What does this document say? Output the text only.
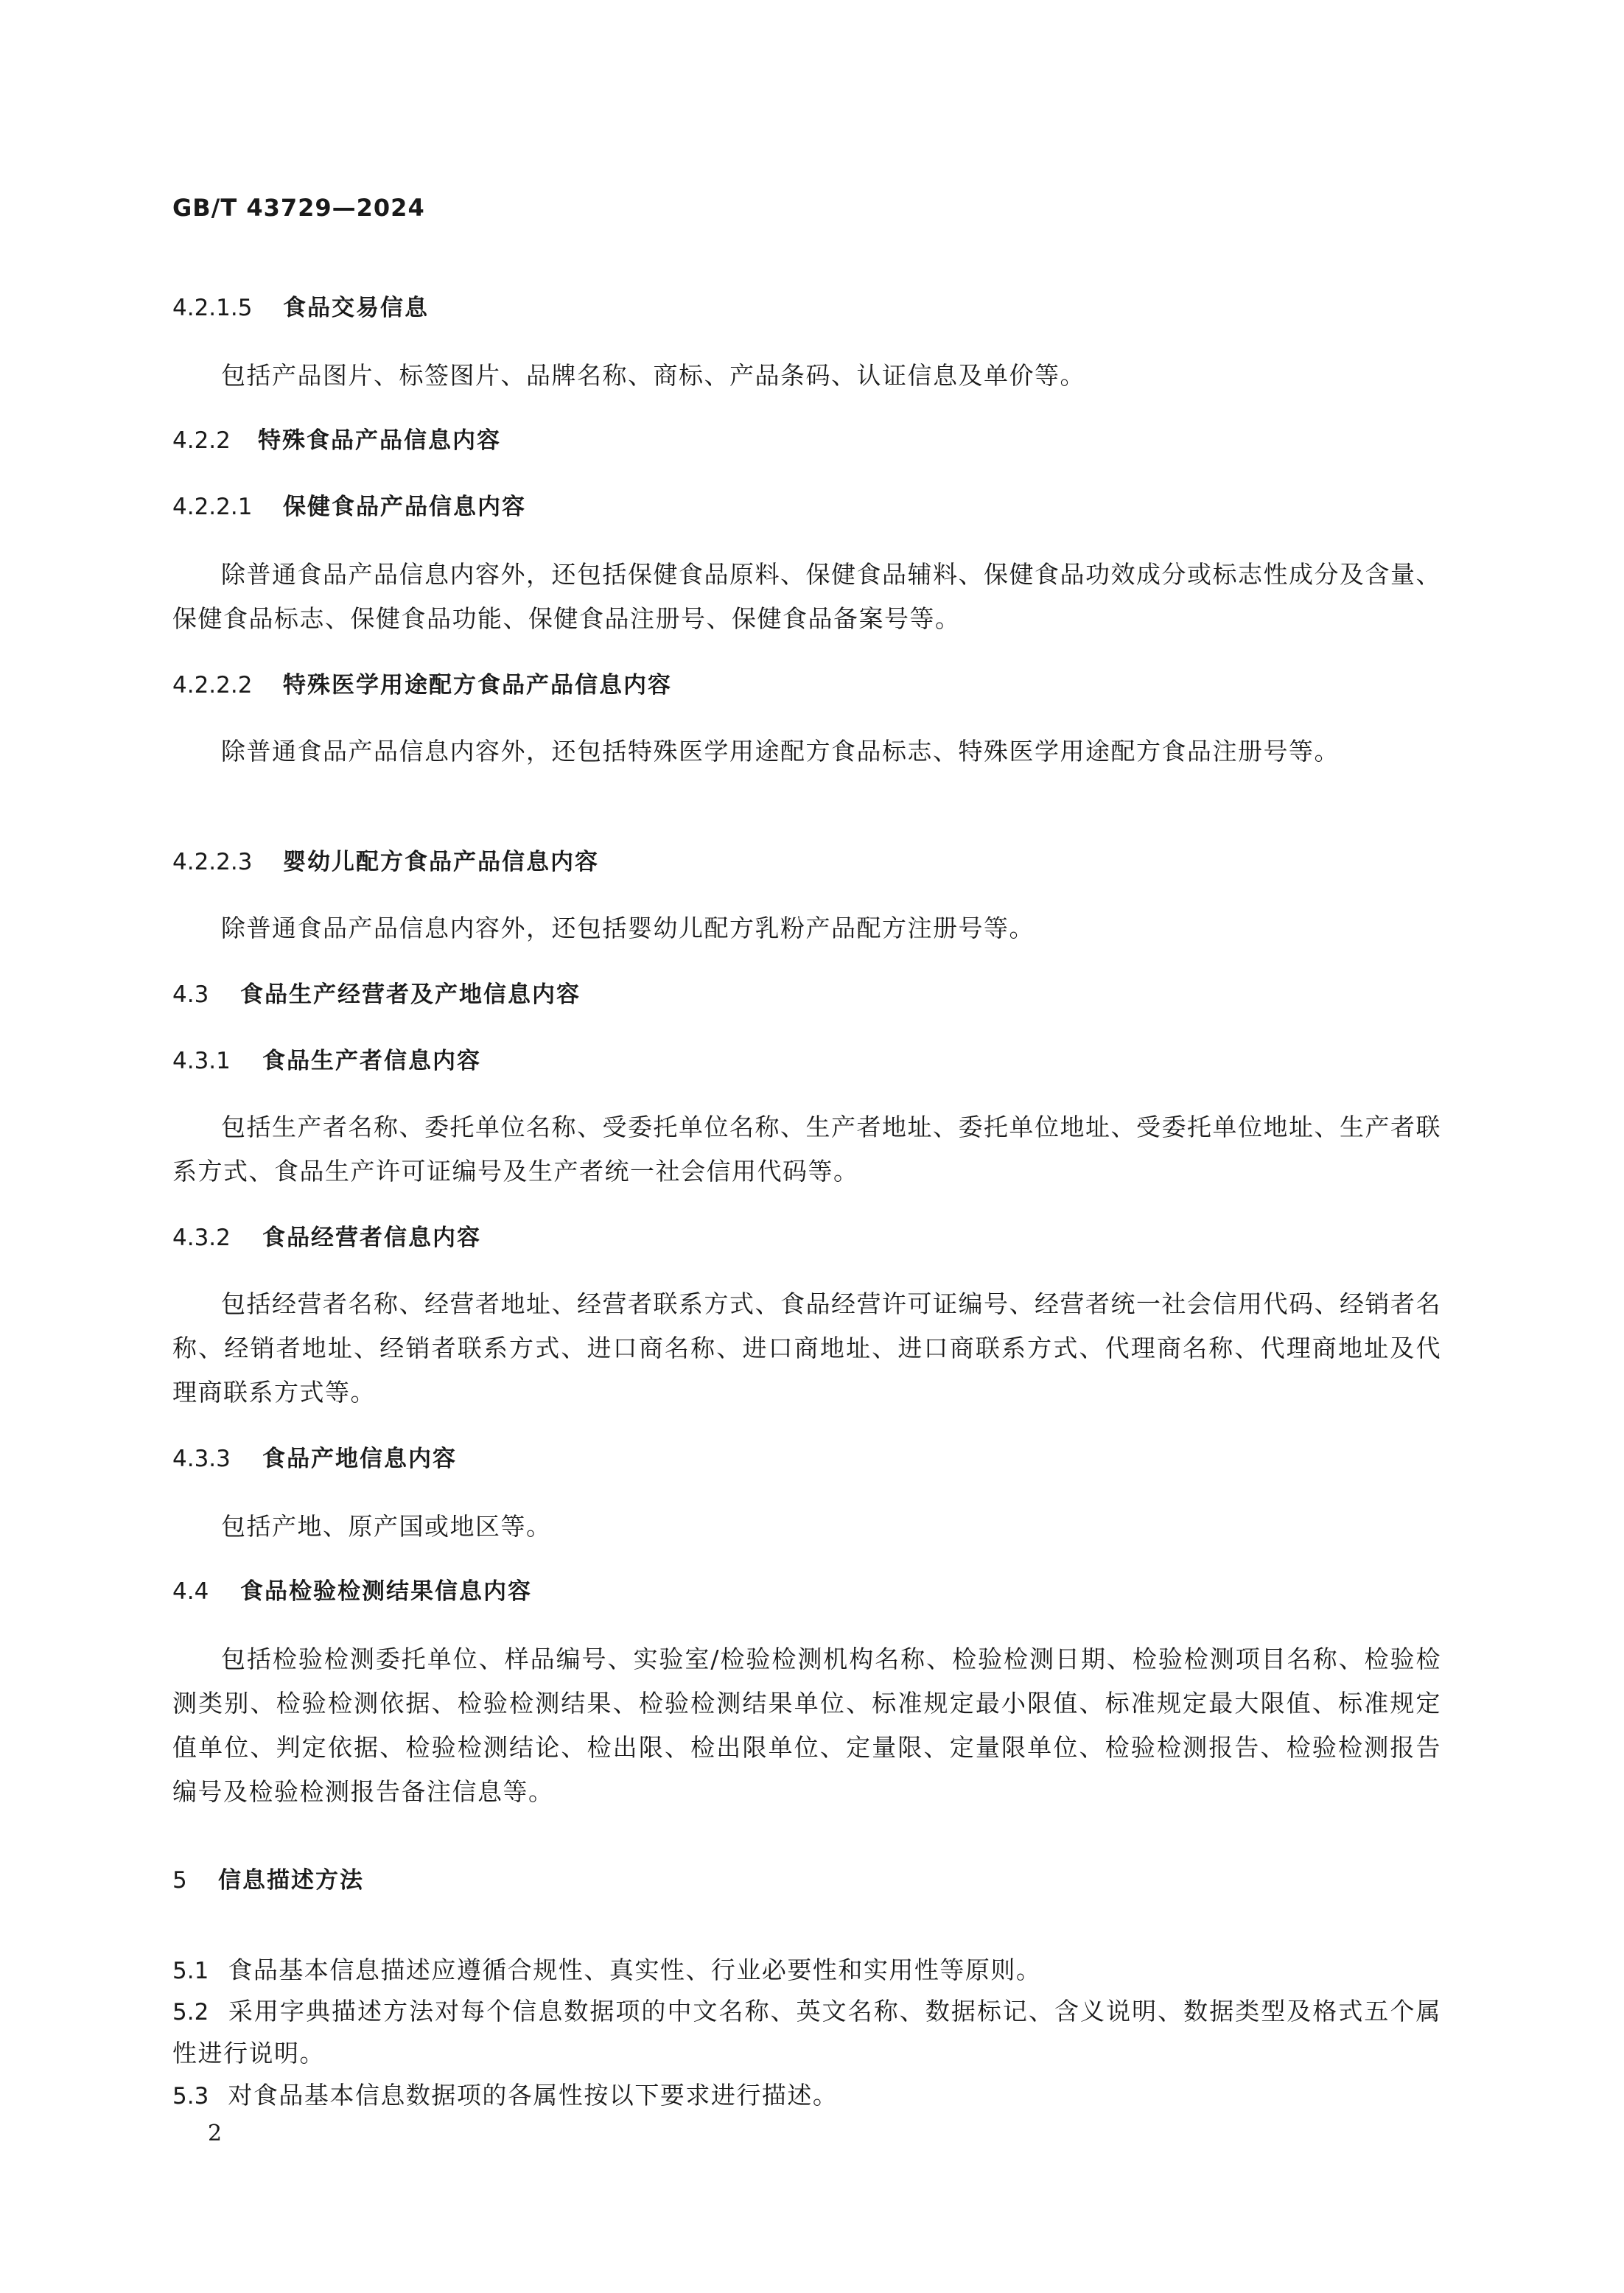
GB/T 43729—2024
4.2.1.5 食品交易信息
包括产品图片、标签图片、品牌名称、商标、产品条码、认证信息及单价等。
4.2.2 特殊食品产品信息内容
4.2.2.1 保健食品产品信息内容
除普通食品产品信息内容外，还包括保健食品原料、保健食品辅料、保健食品功效成分或标志性成分及含量、保健食品标志、保健食品功能、保健食品注册号、保健食品备案号等。
4.2.2.2 特殊医学用途配方食品产品信息内容
除普通食品产品信息内容外，还包括特殊医学用途配方食品标志、特殊医学用途配方食品注册号等。
4.2.2.3 婴幼儿配方食品产品信息内容
除普通食品产品信息内容外，还包括婴幼儿配方乳粉产品配方注册号等。
4.3 食品生产经营者及产地信息内容
4.3.1 食品生产者信息内容
包括生产者名称、委托单位名称、受委托单位名称、生产者地址、委托单位地址、受委托单位地址、生产者联系方式、食品生产许可证编号及生产者统一社会信用代码等。
4.3.2 食品经营者信息内容
包括经营者名称、经营者地址、经营者联系方式、食品经营许可证编号、经营者统一社会信用代码、经销者名称、经销者地址、经销者联系方式、进口商名称、进口商地址、进口商联系方式、代理商名称、代理商地址及代理商联系方式等。
4.3.3 食品产地信息内容
包括产地、原产国或地区等。
4.4 食品检验检测结果信息内容
包括检验检测委托单位、样品编号、实验室/检验检测机构名称、检验检测日期、检验检测项目名称、检验检测类别、检验检测依据、检验检测结果、检验检测结果单位、标准规定最小限值、标准规定最大限值、标准规定值单位、判定依据、检验检测结论、检出限、检出限单位、定量限、定量限单位、检验检测报告、检验检测报告编号及检验检测报告备注信息等。
5 信息描述方法
5.1 食品基本信息描述应遵循合规性、真实性、行业必要性和实用性等原则。
5.2 采用字典描述方法对每个信息数据项的中文名称、英文名称、数据标记、含义说明、数据类型及格式五个属性进行说明。
5.3 对食品基本信息数据项的各属性按以下要求进行描述。
2
